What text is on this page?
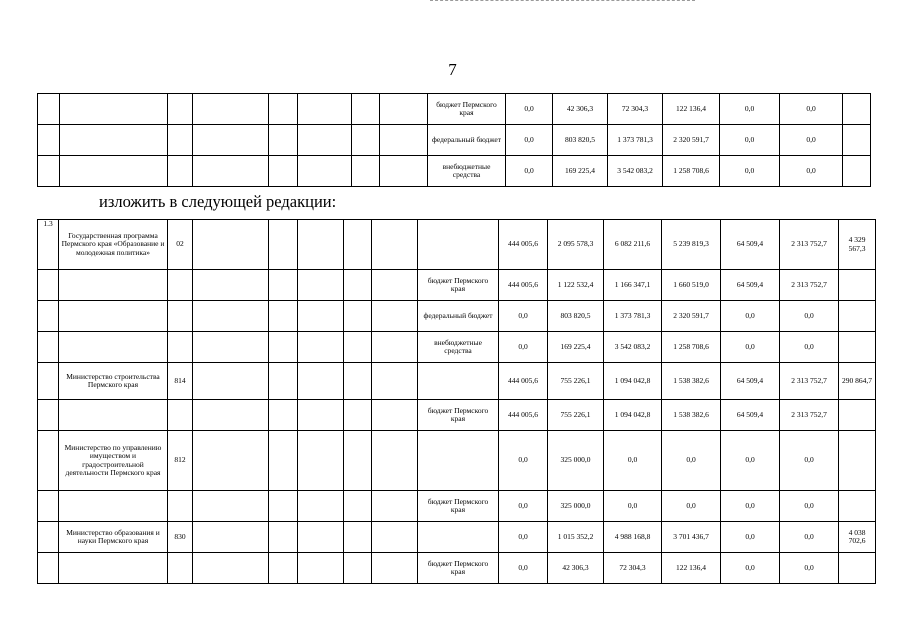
7
								бюджет Пермского края	0,0	42 306,3	72 304,3	122 136,4	0,0	0,0	
								федеральный бюджет	0,0	803 820,5	1 373 781,3	2 320 591,7	0,0	0,0	
								внебюджетные средства	0,0	169 225,4	3 542 083,2	1 258 708,6	0,0	0,0	
изложить в следующей редакции:
1.3	Государственная программа Пермского края «Образование и молодежная политика»	02							444 005,6	2 095 578,3	6 082 211,6	5 239 819,3	64 509,4	2 313 752,7	4 329 567,3
								бюджет Пермского края	444 005,6	1 122 532,4	1 166 347,1	1 660 519,0	64 509,4	2 313 752,7	
								федеральный бюджет	0,0	803 820,5	1 373 781,3	2 320 591,7	0,0	0,0	
								внебюджетные средства	0,0	169 225,4	3 542 083,2	1 258 708,6	0,0	0,0	
	Министерство строительства Пермского края	814							444 005,6	755 226,1	1 094 042,8	1 538 382,6	64 509,4	2 313 752,7	290 864,7
								бюджет Пермского края	444 005,6	755 226,1	1 094 042,8	1 538 382,6	64 509,4	2 313 752,7	
	Министерство по управлению имуществом и градостроительной деятельности Пермского края	812							0,0	325 000,0	0,0	0,0	0,0	0,0	
								бюджет Пермского края	0,0	325 000,0	0,0	0,0	0,0	0,0	
	Министерство образования и науки Пермского края	830							0,0	1 015 352,2	4 988 168,8	3 701 436,7	0,0	0,0	4 038 702,6
								бюджет Пермского края	0,0	42 306,3	72 304,3	122 136,4	0,0	0,0	
